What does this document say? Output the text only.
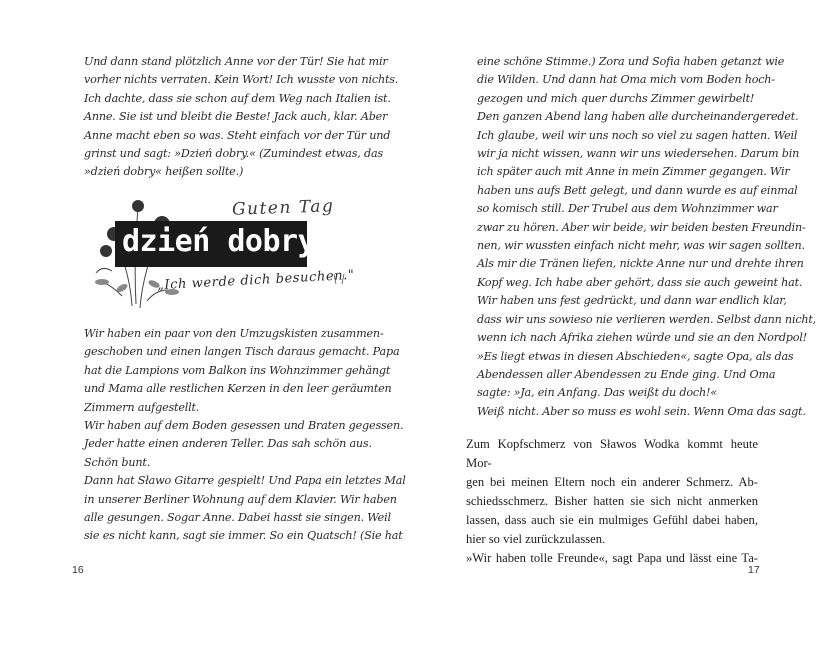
Und dann stand plötzlich Anne vor der Tür! Sie hat mir
vorher nichts verraten. Kein Wort! Ich wusste von nichts.
Ich dachte, dass sie schon auf dem Weg nach Italien ist.
Anne. Sie ist und bleibt die Beste! Jack auch, klar. Aber
Anne macht eben so was. Steht einfach vor der Tür und
grinst und sagt: »Dzień dobry.« (Zumindest etwas, das
»dzień dobry« heißen sollte.)
Guten Tag
dzień dobry
„Ich werde dich besuchen."
Wir haben ein paar von den Umzugskisten zusammen-
geschoben und einen langen Tisch daraus gemacht. Papa
hat die Lampions vom Balkon ins Wohnzimmer gehängt
und Mama alle restlichen Kerzen in den leer geräumten
Zimmern aufgestellt.
Wir haben auf dem Boden gesessen und Braten gegessen.
Jeder hatte einen anderen Teller. Das sah schön aus.
Schön bunt.
Dann hat Sławo Gitarre gespielt! Und Papa ein letztes Mal
in unserer Berliner Wohnung auf dem Klavier. Wir haben
alle gesungen. Sogar Anne. Dabei hasst sie singen. Weil
sie es nicht kann, sagt sie immer. So ein Quatsch! (Sie hat
16
eine schöne Stimme.) Zora und Sofia haben getanzt wie
die Wilden. Und dann hat Oma mich vom Boden hoch-
gezogen und mich quer durchs Zimmer gewirbelt!
Den ganzen Abend lang haben alle durcheinandergeredet.
Ich glaube, weil wir uns noch so viel zu sagen hatten. Weil
wir ja nicht wissen, wann wir uns wiedersehen. Darum bin
ich später auch mit Anne in mein Zimmer gegangen. Wir
haben uns aufs Bett gelegt, und dann wurde es auf einmal
so komisch still. Der Trubel aus dem Wohnzimmer war
zwar zu hören. Aber wir beide, wir beiden besten Freundin-
nen, wir wussten einfach nicht mehr, was wir sagen sollten.
Als mir die Tränen liefen, nickte Anne nur und drehte ihren
Kopf weg. Ich habe aber gehört, dass sie auch geweint hat.
Wir haben uns fest gedrückt, und dann war endlich klar,
dass wir uns sowieso nie verlieren werden. Selbst dann nicht,
wenn ich nach Afrika ziehen würde und sie an den Nordpol!
»Es liegt etwas in diesen Abschieden«, sagte Opa, als das
Abendessen aller Abendessen zu Ende ging. Und Oma
sagte: »Ja, ein Anfang. Das weißt du doch!«
Weiß nicht. Aber so muss es wohl sein. Wenn Oma das sagt.
Zum Kopfschmerz von Sławos Wodka kommt heute Mor-
gen bei meinen Eltern noch ein anderer Schmerz. Ab-
schiedsschmerz. Bisher hatten sie sich nicht anmerken
lassen, dass auch sie ein mulmiges Gefühl dabei haben,
hier so viel zurückzulassen.
»Wir haben tolle Freunde«, sagt Papa und lässt eine Ta-
17
